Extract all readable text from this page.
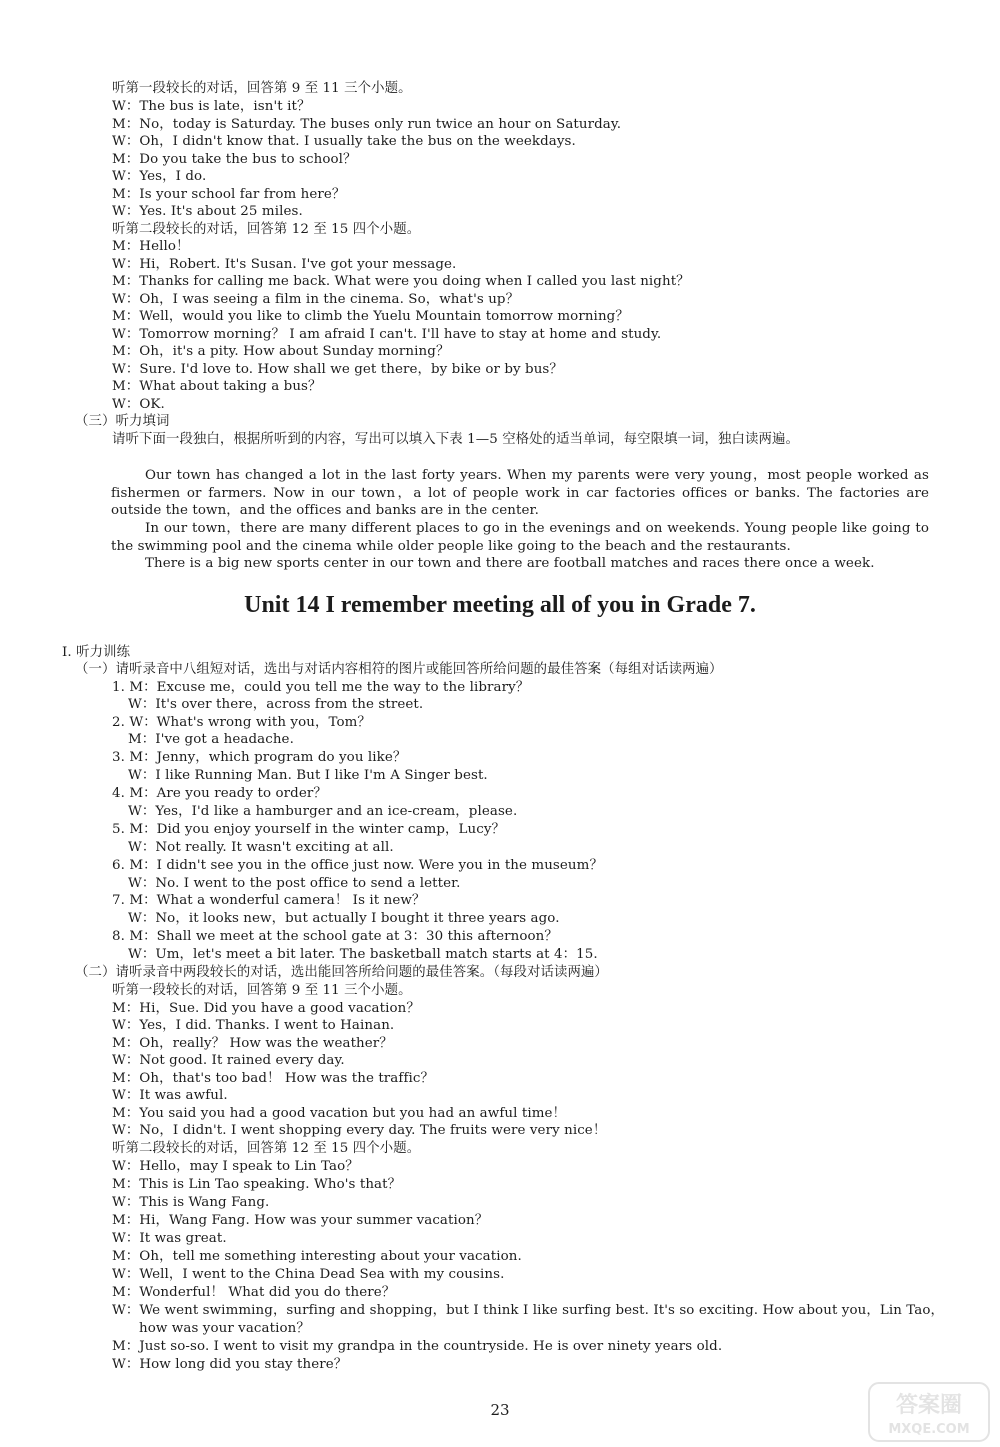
听第一段较长的对话，回答第 9 至 11 三个小题。
W：The bus is late，isn't it？
M：No，today is Saturday. The buses only run twice an hour on Saturday.
W：Oh，I didn't know that. I usually take the bus on the weekdays.
M：Do you take the bus to school？
W：Yes，I do.
M：Is your school far from here？
W：Yes. It's about 25 miles.
听第二段较长的对话，回答第 12 至 15 四个小题。
M：Hello！
W：Hi，Robert. It's Susan. I've got your message.
M：Thanks for calling me back. What were you doing when I called you last night？
W：Oh，I was seeing a film in the cinema. So，what's up？
M：Well，would you like to climb the Yuelu Mountain tomorrow morning？
W：Tomorrow morning？ I am afraid I can't. I'll have to stay at home and study.
M：Oh，it's a pity. How about Sunday morning？
W：Sure. I'd love to. How shall we get there，by bike or by bus？
M：What about taking a bus？
W：OK.
（三）听力填词
请听下面一段独白，根据所听到的内容，写出可以填入下表 1—5 空格处的适当单词，每空限填一词，独白读两遍。
Our town has changed a lot in the last forty years. When my parents were very young，most people worked as fishermen or farmers. Now in our town，a lot of people work in car factories offices or banks. The factories are outside the town，and the offices and banks are in the center.
In our town，there are many different places to go in the evenings and on weekends. Young people like going to the swimming pool and the cinema while older people like going to the beach and the restaurants.
There is a big new sports center in our town and there are football matches and races there once a week.
Unit 14 I remember meeting all of you in Grade 7.
Ⅰ. 听力训练
（一）请听录音中八组短对话，选出与对话内容相符的图片或能回答所给问题的最佳答案（每组对话读两遍）
1. M：Excuse me，could you tell me the way to the library？
W：It's over there，across from the street.
2. W：What's wrong with you，Tom？
M：I've got a headache.
3. M：Jenny，which program do you like？
W：I like Running Man. But I like I'm A Singer best.
4. M：Are you ready to order？
W：Yes，I'd like a hamburger and an ice-cream，please.
5. M：Did you enjoy yourself in the winter camp，Lucy？
W：Not really. It wasn't exciting at all.
6. M：I didn't see you in the office just now. Were you in the museum？
W：No. I went to the post office to send a letter.
7. M：What a wonderful camera！ Is it new？
W：No，it looks new，but actually I bought it three years ago.
8. M：Shall we meet at the school gate at 3：30 this afternoon？
W：Um，let's meet a bit later. The basketball match starts at 4：15.
（二）请听录音中两段较长的对话，选出能回答所给问题的最佳答案。（每段对话读两遍）
听第一段较长的对话，回答第 9 至 11 三个小题。
M：Hi，Sue. Did you have a good vacation？
W：Yes，I did. Thanks. I went to Hainan.
M：Oh，really？ How was the weather？
W：Not good. It rained every day.
M：Oh，that's too bad！ How was the traffic？
W：It was awful.
M：You said you had a good vacation but you had an awful time！
W：No，I didn't. I went shopping every day. The fruits were very nice！
听第二段较长的对话，回答第 12 至 15 四个小题。
W：Hello，may I speak to Lin Tao？
M：This is Lin Tao speaking. Who's that？
W：This is Wang Fang.
M：Hi，Wang Fang. How was your summer vacation？
W：It was great.
M：Oh，tell me something interesting about your vacation.
W：Well，I went to the China Dead Sea with my cousins.
M：Wonderful！ What did you do there？
W：We went swimming，surfing and shopping，but I think I like surfing best. It's so exciting. How about you，Lin Tao，
how was your vacation？
M：Just so-so. I went to visit my grandpa in the countryside. He is over ninety years old.
W：How long did you stay there？
23	答案圈
MXQE.COM
